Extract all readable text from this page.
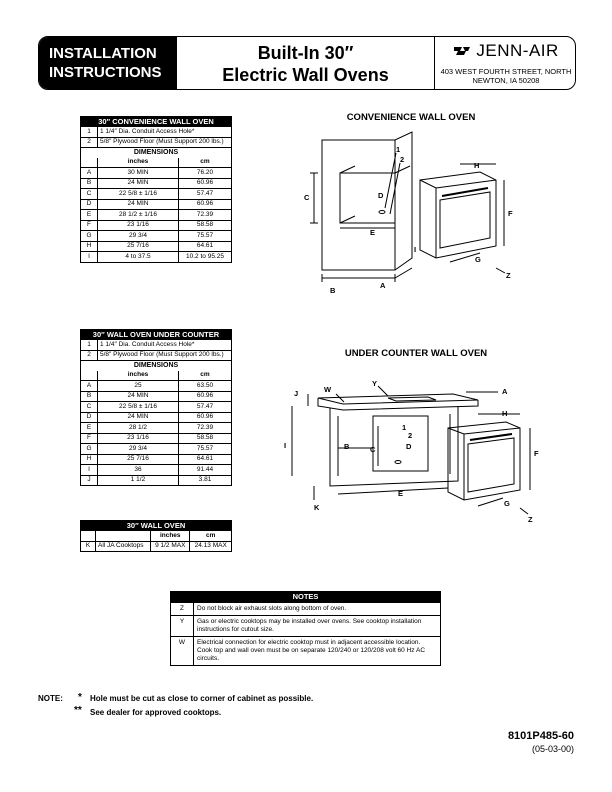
INSTALLATION
INSTRUCTIONS
Built-In 30″
Electric Wall Ovens
JENN-AIR
403 WEST FOURTH STREET, NORTH
NEWTON, IA 50208
30″ CONVENIENCE WALL OVEN		
1	1 1/4″ Dia. Conduit Access Hole*	
2	5/8″ Plywood Floor (Must Support 200 lbs.)	
DIMENSIONS		
	inches	cm
A	30 MIN	76.20
B	24 MIN	60.96
C	22 5/8 ± 1/16	57.47
D	24 MIN	60.96
E	28 1/2 ± 1/16	72.39
F	23 1/16	58.58
G	29 3/4	75.57
H	25 7/16	64.61
I	4 to 37.5	10.2 to 95.25
30″ WALL OVEN UNDER COUNTER		
1	1 1/4″ Dia. Conduit Access Hole*	
2	5/8″ Plywood Floor (Must Support 200 lbs.)	
DIMENSIONS		
	inches	cm
A	25	63.50
B	24 MIN	60.96
C	22 5/8 ± 1/16	57.47
D	24 MIN	60.96
E	28 1/2	72.39
F	23 1/16	58.58
G	29 3/4	75.57
H	25 7/16	64.61
I	36	91.44
J	1 1/2	3.81
30″ WALL OVEN			
		inches	cm
K	All JA Cooktops	9 1/2 MAX	24.13 MAX
CONVENIENCE WALL OVEN
B
A
C	D
E
F
G
H
I
Z
1
2
UNDER COUNTER WALL OVEN
A
B	C	D
E
F
G
H
I
J
K
W
Y
Z
1
2
NOTES	
Z	Do not block air exhaust slots along bottom of oven.
Y	Gas or electric cooktops may be installed over ovens. See cooktop installation instructions for cutout size.
W	Electrical connection for electric cooktop must in adjacent accessible location. Cook top and wall oven must be on separate 120/240 or 120/208 volt 60 Hz AC circuits.
NOTE: * Hole must be cut as close to corner of cabinet as possible.
** See dealer for approved cooktops.
8101P485-60
(05-03-00)
